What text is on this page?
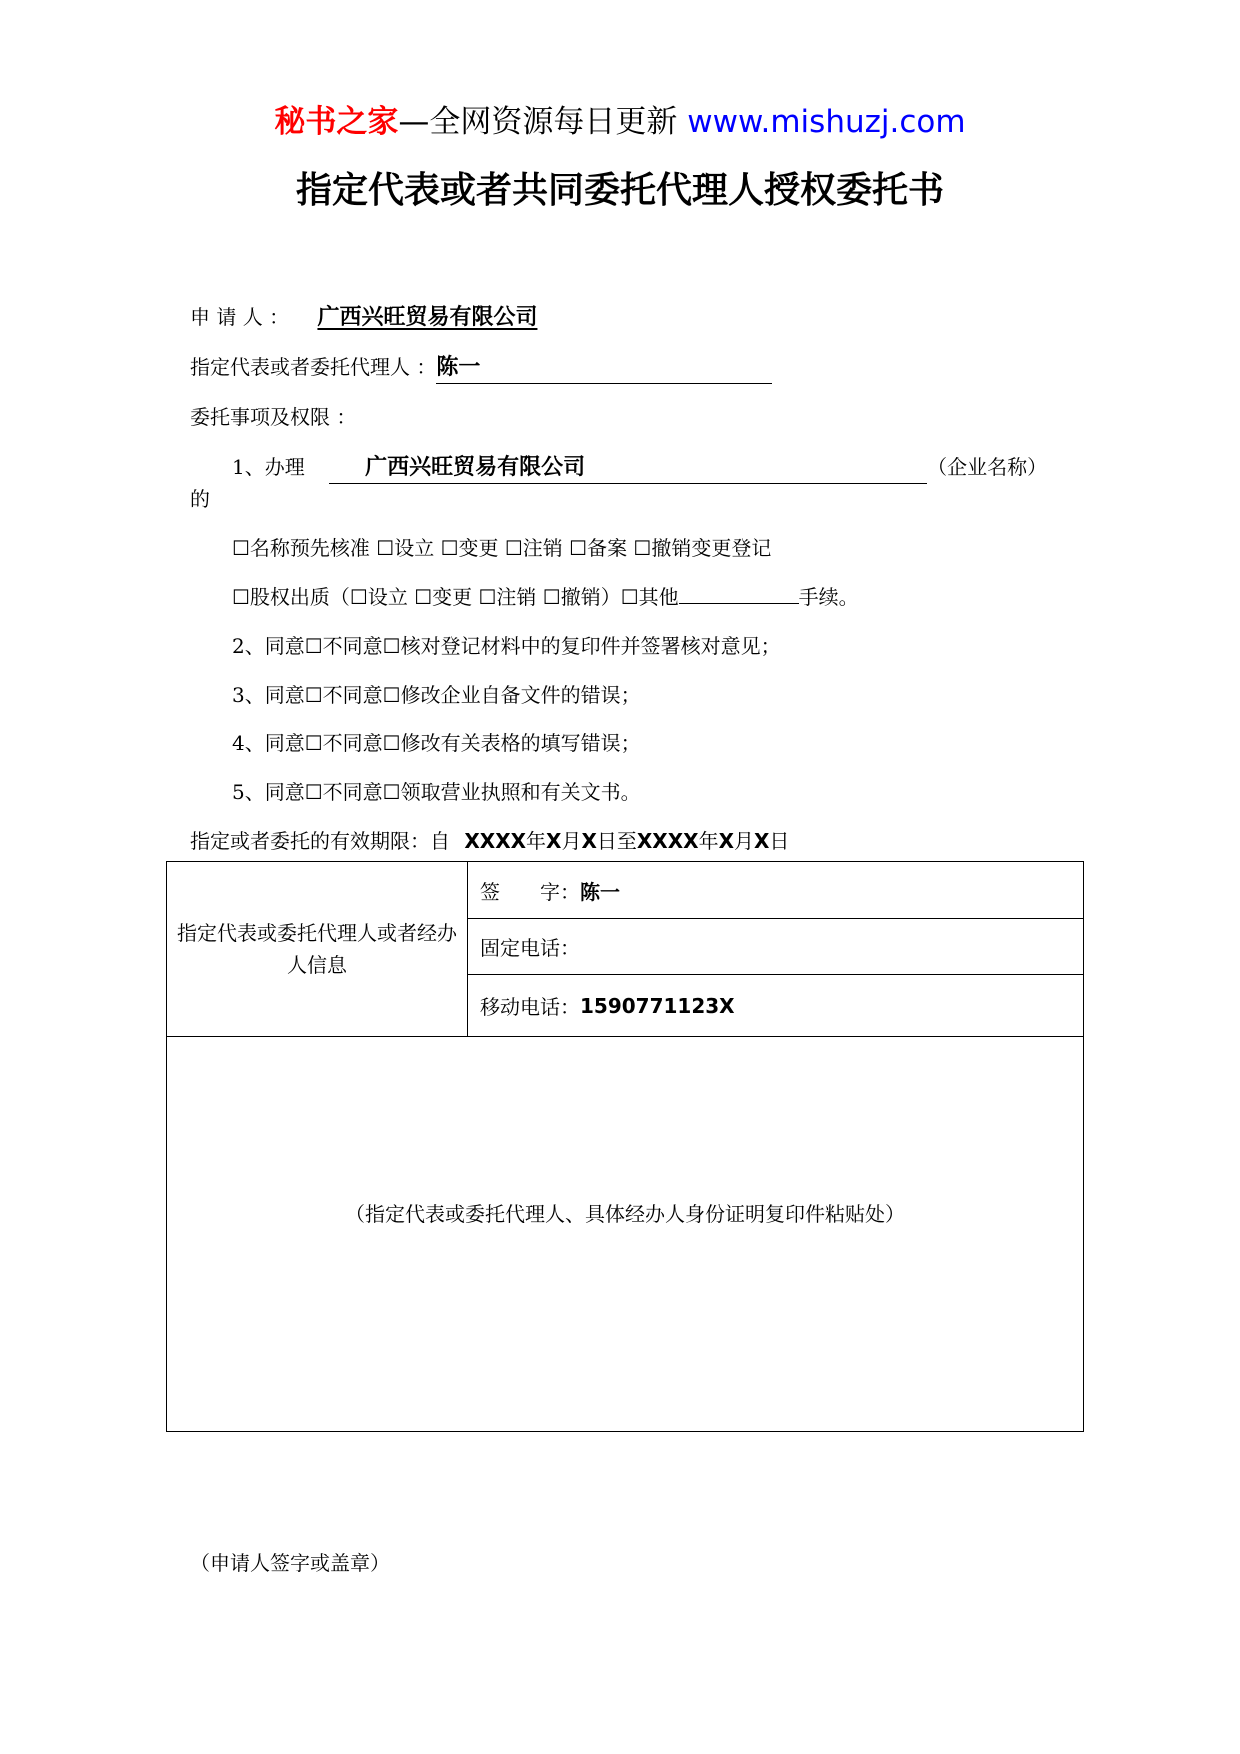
秘书之家—全网资源每日更新 www.mishuzj.com
指定代表或者共同委托代理人授权委托书
申 请 人 ： 广西兴旺贸易有限公司
指定代表或者委托代理人 ：陈一
委托事项及权限 ：
1、办理	广西兴旺贸易有限公司	（企业名称）
的
☐名称预先核准 ☐设立 ☐变更 ☐注销 ☐备案 ☐撤销变更登记
☐股权出质（☐设立 ☐变更 ☐注销 ☐撤销）☐其他	手续。
2、同意☐不同意☐核对登记材料中的复印件并签署核对意见；
3、同意☐不同意☐修改企业自备文件的错误；
4、同意☐不同意☐修改有关表格的填写错误；
5、同意☐不同意☐领取营业执照和有关文书。
指定或者委托的有效期限：自 XXXX年X月X日至XXXX年X月X日
指定代表或委托代理人或者经办人信息
签　　字： 陈一
固定电话：
移动电话： 1590771123X
（指定代表或委托代理人、具体经办人身份证明复印件粘贴处）
（申请人签字或盖章）
